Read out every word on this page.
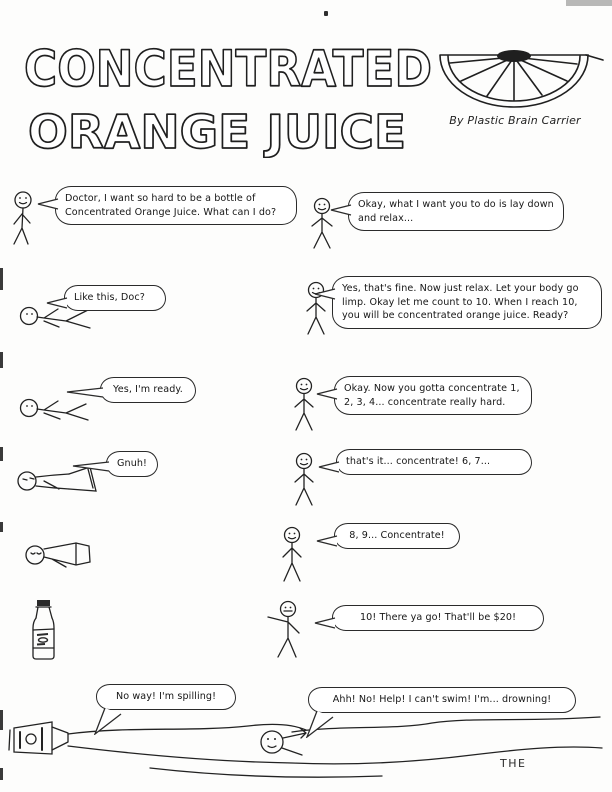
CONCENTRATED
ORANGE JUICE	By Plastic Brain Carrier
Doctor, I want so hard to be a bottle of Concentrated Orange Juice. What can I do?
Okay, what I want you to do is lay down and relax...
Like this, Doc?
Yes, that's fine. Now just relax. Let your body go limp. Okay let me count to 10. When I reach 10, you will be concentrated orange juice. Ready?
Yes, I'm ready.	Okay. Now you gotta concentrate 1, 2, 3, 4... concentrate really hard.
Gnuh!	that's it... concentrate! 6, 7...
8, 9... Concentrate!
10! There ya go! That'll be $20!
No way! I'm spilling!	Ahh! No! Help! I can't swim! I'm... drowning!
THE
